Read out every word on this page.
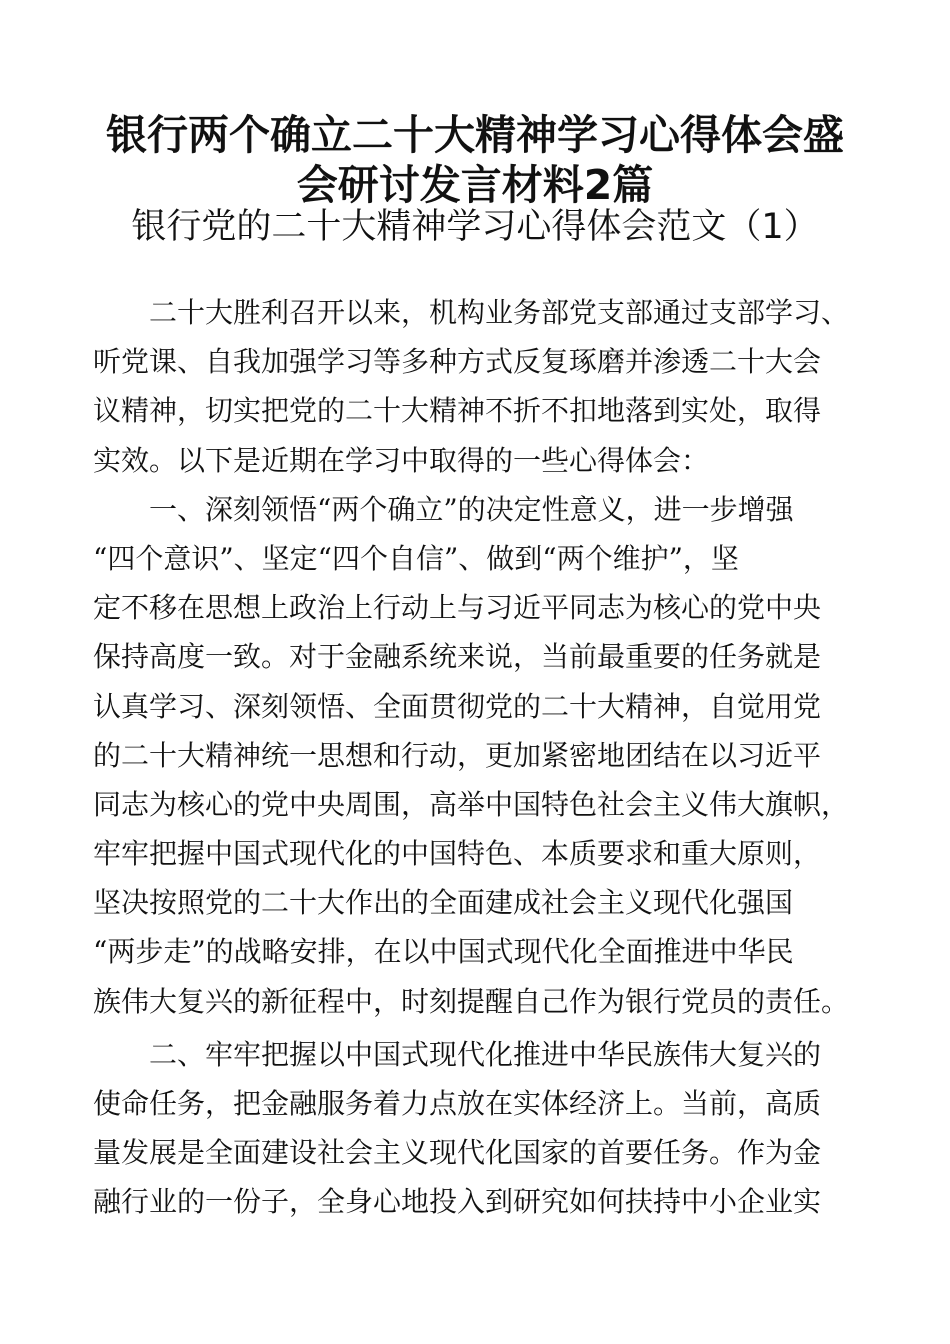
银行两个确立二十大精神学习心得体会盛
会研讨发言材料2篇
银行党的二十大精神学习心得体会范文（1）

　　二十大胜利召开以来，机构业务部党支部通过支部学习、
听党课、自我加强学习等多种方式反复琢磨并渗透二十大会
议精神，切实把党的二十大精神不折不扣地落到实处，取得
实效。以下是近期在学习中取得的一些心得体会：

　　一、深刻领悟“两个确立”的决定性意义，进一步增强
“四个意识”、坚定“四个自信”、做到“两个维护”，坚
定不移在思想上政治上行动上与习近平同志为核心的党中央
保持高度一致。对于金融系统来说，当前最重要的任务就是
认真学习、深刻领悟、全面贯彻党的二十大精神，自觉用党
的二十大精神统一思想和行动，更加紧密地团结在以习近平
同志为核心的党中央周围，高举中国特色社会主义伟大旗帜，
牢牢把握中国式现代化的中国特色、本质要求和重大原则，
坚决按照党的二十大作出的全面建成社会主义现代化强国
“两步走”的战略安排，在以中国式现代化全面推进中华民
族伟大复兴的新征程中，时刻提醒自己作为银行党员的责任。

　　二、牢牢把握以中国式现代化推进中华民族伟大复兴的
使命任务，把金融服务着力点放在实体经济上。当前，高质
量发展是全面建设社会主义现代化国家的首要任务。作为金
融行业的一份子，全身心地投入到研究如何扶持中小企业实
